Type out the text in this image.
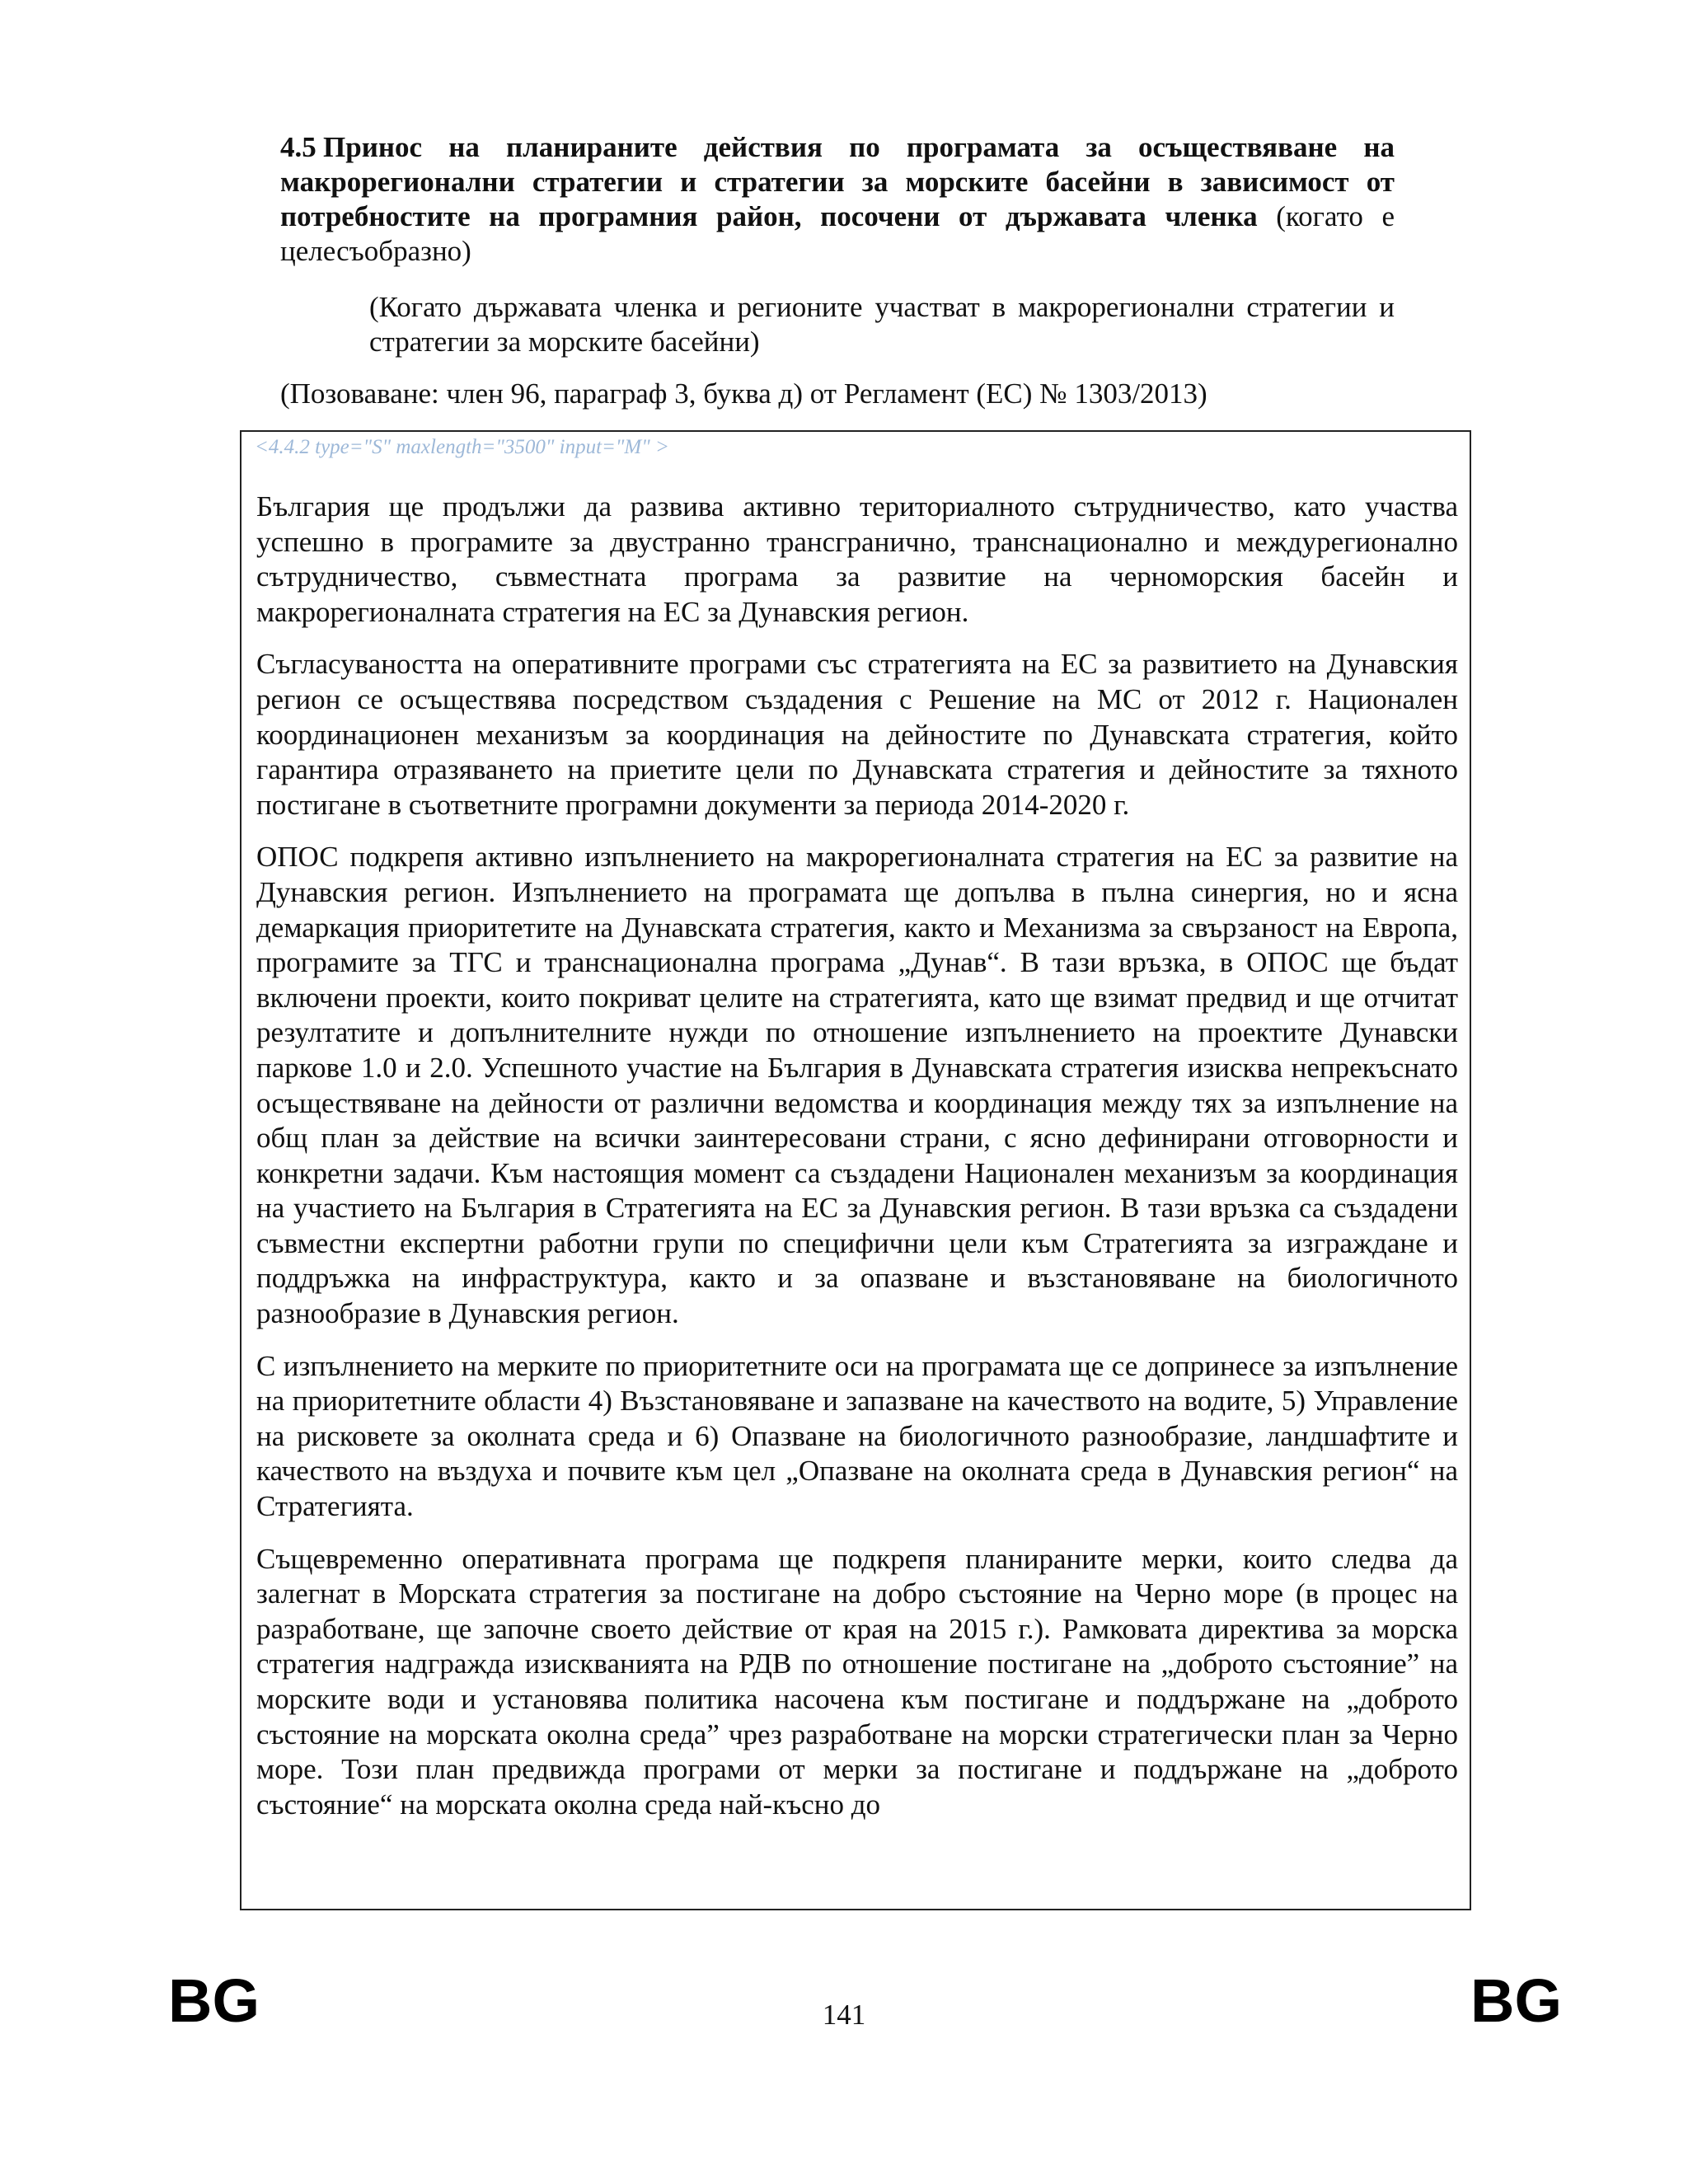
4.5 Принос на планираните действия по програмата за осъществяване на макрорегионални стратегии и стратегии за морските басейни в зависимост от потребностите на програмния район, посочени от държавата членка (когато е целесъобразно)

(Когато държавата членка и регионите участват в макрорегионални стратегии и стратегии за морските басейни)

(Позоваване: член 96, параграф 3, буква д) от Регламент (ЕС) № 1303/2013)

<4.4.2 type="S" maxlength="3500" input="M" >

България ще продължи да развива активно териториалното сътрудничество, като участва успешно в програмите за двустранно трансгранично, транснационално и междурегионално сътрудничество, съвместната програма за развитие на черноморския басейн и макрорегионалната стратегия на ЕС за Дунавския регион.

Съгласуваността на оперативните програми със стратегията на ЕС за развитието на Дунавския регион се осъществява посредством създадения с Решение на МС от 2012 г. Национален координационен механизъм за координация на дейностите по Дунавската стратегия, който гарантира отразяването на приетите цели по Дунавската стратегия и дейностите за тяхното постигане в съответните програмни документи за периода 2014-2020 г.

ОПОС подкрепя активно изпълнението на макрорегионалната стратегия на ЕС за развитие на Дунавския регион. Изпълнението на програмата ще допълва в пълна синергия, но и ясна демаркация приоритетите на Дунавската стратегия, както и Механизма за свързаност на Европа, програмите за ТГС и транснационална програма „Дунав“. В тази връзка, в ОПОС ще бъдат включени проекти, които покриват целите на стратегията, като ще взимат предвид и ще отчитат резултатите и допълнителните нужди по отношение изпълнението на проектите Дунавски паркове 1.0 и 2.0. Успешното участие на България в Дунавската стратегия изисква непрекъснато осъществяване на дейности от различни ведомства и координация между тях за изпълнение на общ план за действие на всички заинтересовани страни, с ясно дефинирани отговорности и конкретни задачи. Към настоящия момент са създадени Национален механизъм за координация на участието на България в Стратегията на ЕС за Дунавския регион. В тази връзка са създадени съвместни експертни работни групи по специфични цели към Стратегията за изграждане и поддръжка на инфраструктура, както и за опазване и възстановяване на биологичното разнообразие в Дунавския регион.

С изпълнението на мерките по приоритетните оси на програмата ще се допринесе за изпълнение на приоритетните области 4) Възстановяване и запазване на качеството на водите, 5) Управление на рисковете за околната среда и 6) Опазване на биологичното разнообразие, ландшафтите и качеството на въздуха и почвите към цел „Опазване на околната среда в Дунавския регион“ на Стратегията.

Същевременно оперативната програма ще подкрепя планираните мерки, които следва да залегнат в Морската стратегия за постигане на добро състояние на Черно море (в процес на разработване, ще започне своето действие от края на 2015 г.). Рамковата директива за морска стратегия надгражда изискванията на РДВ по отношение постигане на „доброто състояние” на морските води и установява политика насочена към постигане и поддържане на „доброто състояние на морската околна среда” чрез разработване на морски стратегически план за Черно море. Този план предвижда програми от мерки за постигане и поддържане на „доброто състояние“ на морската околна среда най-късно до

BG	141	BG
